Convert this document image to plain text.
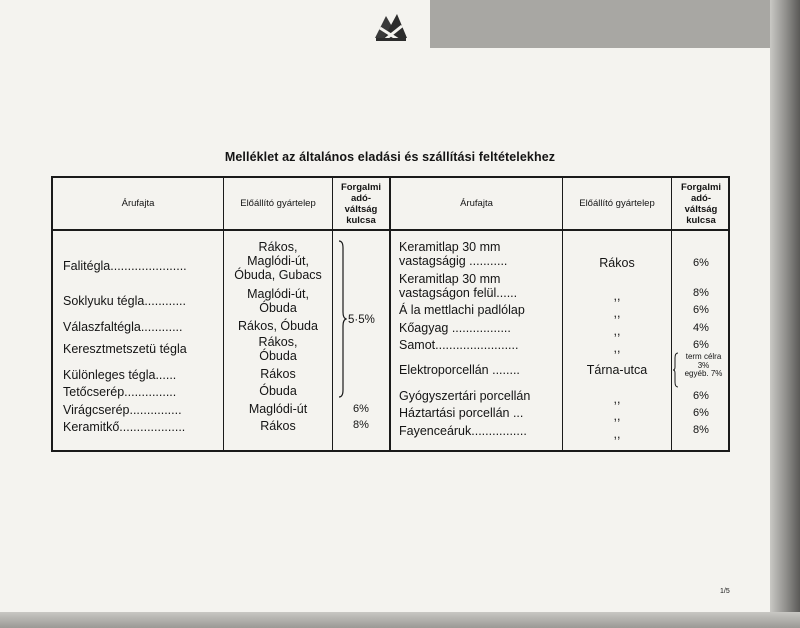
Melléklet az általános eladási és szállítási feltételekhez
Árufajta	Előállító gyártelep
Forgalmi
adó-
váltság
kulcsa
Árufajta	Előállító gyártelep
Forgalmi
adó-
váltság
kulcsa
Falitégla......................
Soklyuku tégla............
Válaszfaltégla............
Keresztmetszetü tégla
Különleges tégla......
Tetőcserép...............
Virágcserép...............
Keramitkő...................
Rákos,
Maglódi-út,
Óbuda, Gubacs
Maglódi-út,
Óbuda
Rákos, Óbuda
Rákos,
Óbuda
Rákos
Óbuda
Maglódi-út
Rákos
5·5%
6%
8%
Keramitlap 30 mm
vastagságig ...........
Keramitlap 30 mm
vastagságon felül......
Á la mettlachi padlólap
Kőagyag .................
Samot........................
Elektroporcellán ........
Gyógyszertári porcellán
Háztartási porcellán ...
Fayenceáruk................
Rákos
,,
,,
,,
,,
Tárna-utca
,,
,,
,,
6%
8%
6%
4%
6%
term célra
3%
egyéb. 7%
6%
6%
8%
1/5
